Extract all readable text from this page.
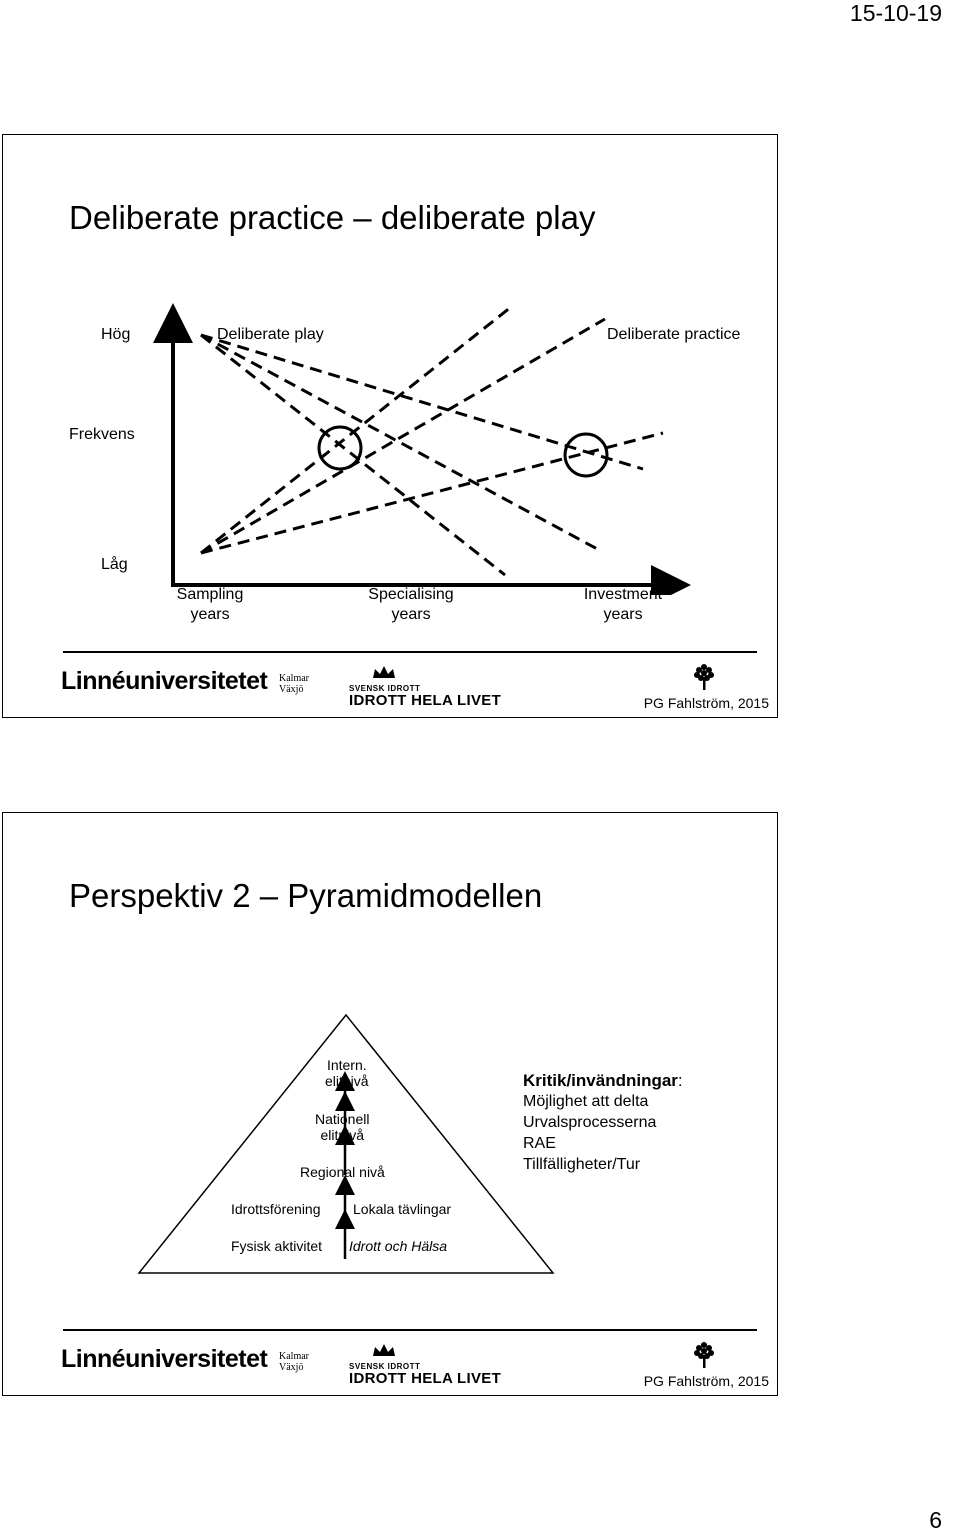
15-10-19
Deliberate practice – deliberate play
Hög
Frekvens
Låg
Deliberate play	Deliberate practice
Sampling
years
Specialising
years
Investment
years
Linnéuniversitetet Kalmar
Växjö	SVENSK IDROTT
IDROTT HELA LIVET	PG Fahlström, 2015
Perspektiv 2 – Pyramidmodellen
Intern.
elitnivå
Nationell
elitnivå
Regional nivå
Idrottsförening Lokala tävlingar
Fysisk aktivitet Idrott och Hälsa
Kritik/invändningar:
Möjlighet att delta
Urvalsprocesserna
RAE
Tillfälligheter/Tur
Linnéuniversitetet Kalmar
Växjö	SVENSK IDROTT
IDROTT HELA LIVET	PG Fahlström, 2015
6
